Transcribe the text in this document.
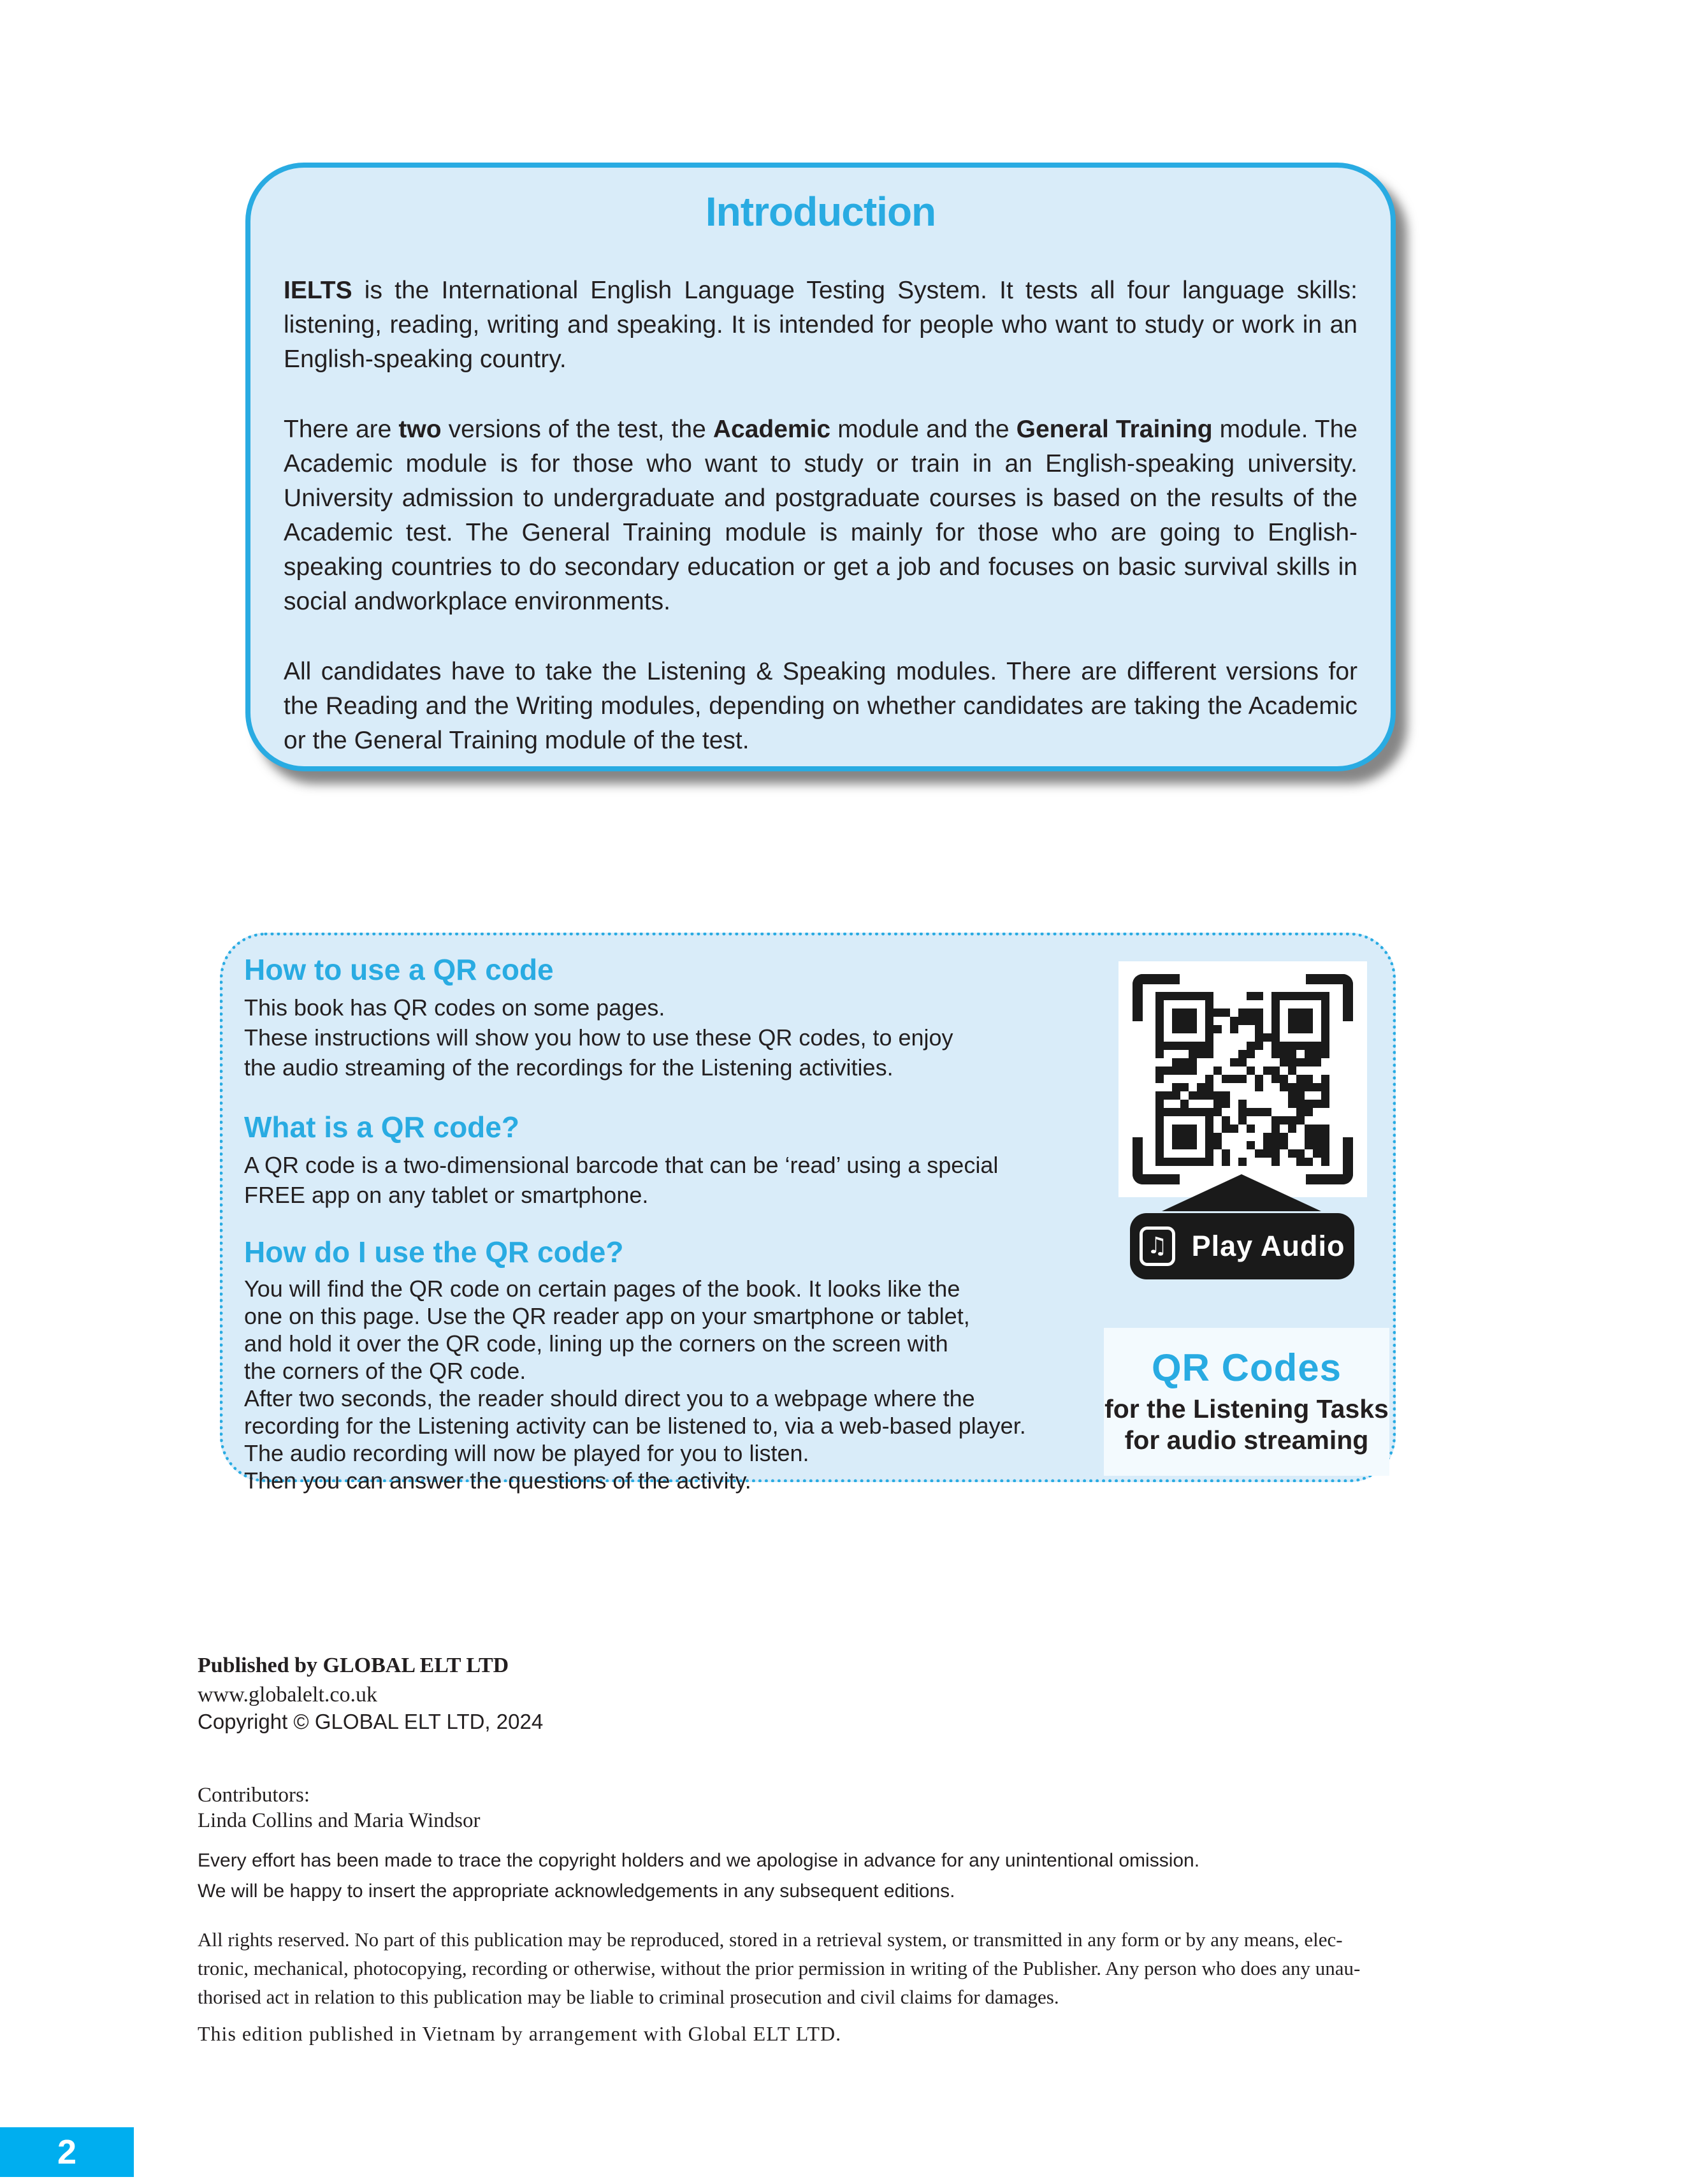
Introduction

IELTS is the International English Language Testing System. It tests all four language skills: listening, reading, writing and speaking. It is intended for people who want to study or work in an English-speaking country.

There are two versions of the test, the Academic module and the General Training module. The Academic module is for those who want to study or train in an English-speaking university. University admission to undergraduate and postgraduate courses is based on the results of the Academic test. The General Training module is mainly for those who are going to English-speaking countries to do secondary education or get a job and focuses on basic survival skills in social andworkplace environments.

All candidates have to take the Listening & Speaking modules. There are different versions for the Reading and the Writing modules, depending on whether candidates are taking the Academic or the General Training module of the test.

How to use a QR code
This book has QR codes on some pages.
These instructions will show you how to use these QR codes, to enjoy
the audio streaming of the recordings for the Listening activities.
What is a QR code?
A QR code is a two-dimensional barcode that can be ‘read’ using a special
FREE app on any tablet or smartphone.
How do I use the QR code?
You will find the QR code on certain pages of the book. It looks like the
one on this page. Use the QR reader app on your smartphone or tablet,
and hold it over the QR code, lining up the corners on the screen with
the corners of the QR code.
After two seconds, the reader should direct you to a webpage where the
recording for the Listening activity can be listened to, via a web-based player.
The audio recording will now be played for you to listen.
Then you can answer the questions of the activity.
♫ Play Audio
QR Codes
for the Listening Tasks
for audio streaming
Published by GLOBAL ELT LTD
www.globalelt.co.uk
Copyright © GLOBAL ELT LTD, 2024
Contributors:
Linda Collins and Maria Windsor
Every effort has been made to trace the copyright holders and we apologise in advance for any unintentional omission.
We will be happy to insert the appropriate acknowledgements in any subsequent editions.
All rights reserved. No part of this publication may be reproduced, stored in a retrieval system, or transmitted in any form or by any means, elec-
tronic, mechanical, photocopying, recording or otherwise, without the prior permission in writing of the Publisher. Any person who does any unau-
thorised act in relation to this publication may be liable to criminal prosecution and civil claims for damages.
This edition published in Vietnam by arrangement with Global ELT LTD.
2
